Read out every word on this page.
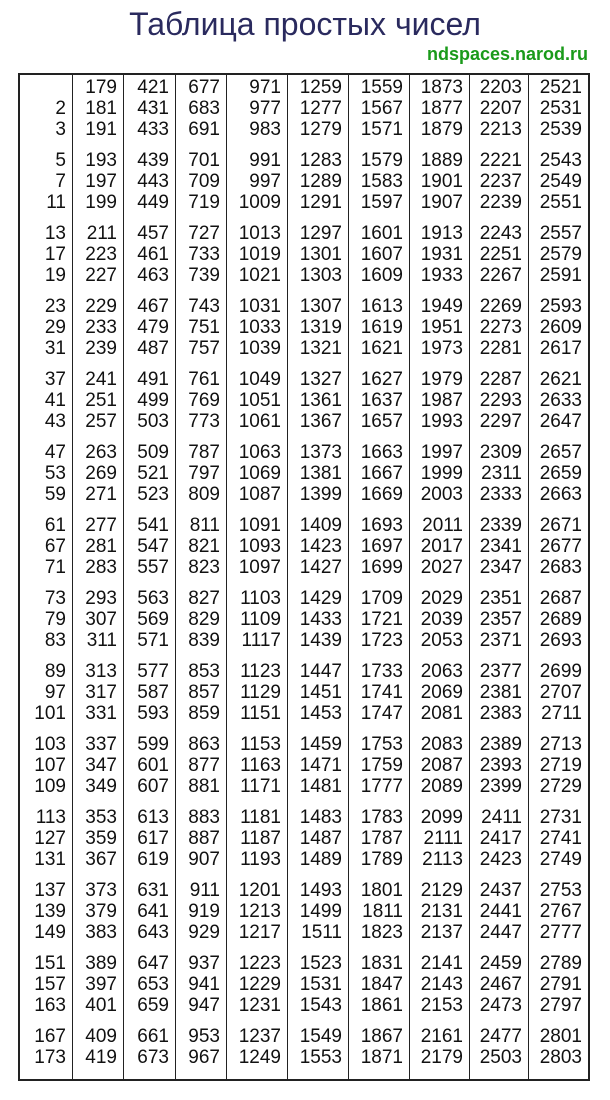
Таблица простых чисел
ndspaces.narod.ru
2
3
5
7
11
13
17
19
23
29
31
37
41
43
47
53
59
61
67
71
73
79
83
89
97
101
103
107
109
113
127
131
137
139
149
151
157
163
167
173
179
181
191
193
197
199
211
223
227
229
233
239
241
251
257
263
269
271
277
281
283
293
307
311
313
317
331
337
347
349
353
359
367
373
379
383
389
397
401
409
419
421
431
433
439
443
449
457
461
463
467
479
487
491
499
503
509
521
523
541
547
557
563
569
571
577
587
593
599
601
607
613
617
619
631
641
643
647
653
659
661
673
677
683
691
701
709
719
727
733
739
743
751
757
761
769
773
787
797
809
811
821
823
827
829
839
853
857
859
863
877
881
883
887
907
911
919
929
937
941
947
953
967
971
977
983
991
997
1009
1013
1019
1021
1031
1033
1039
1049
1051
1061
1063
1069
1087
1091
1093
1097
1103
1109
1117
1123
1129
1151
1153
1163
1171
1181
1187
1193
1201
1213
1217
1223
1229
1231
1237
1249
1259
1277
1279
1283
1289
1291
1297
1301
1303
1307
1319
1321
1327
1361
1367
1373
1381
1399
1409
1423
1427
1429
1433
1439
1447
1451
1453
1459
1471
1481
1483
1487
1489
1493
1499
1511
1523
1531
1543
1549
1553
1559
1567
1571
1579
1583
1597
1601
1607
1609
1613
1619
1621
1627
1637
1657
1663
1667
1669
1693
1697
1699
1709
1721
1723
1733
1741
1747
1753
1759
1777
1783
1787
1789
1801
1811
1823
1831
1847
1861
1867
1871
1873
1877
1879
1889
1901
1907
1913
1931
1933
1949
1951
1973
1979
1987
1993
1997
1999
2003
2011
2017
2027
2029
2039
2053
2063
2069
2081
2083
2087
2089
2099
2111
2113
2129
2131
2137
2141
2143
2153
2161
2179
2203
2207
2213
2221
2237
2239
2243
2251
2267
2269
2273
2281
2287
2293
2297
2309
2311
2333
2339
2341
2347
2351
2357
2371
2377
2381
2383
2389
2393
2399
2411
2417
2423
2437
2441
2447
2459
2467
2473
2477
2503
2521
2531
2539
2543
2549
2551
2557
2579
2591
2593
2609
2617
2621
2633
2647
2657
2659
2663
2671
2677
2683
2687
2689
2693
2699
2707
2711
2713
2719
2729
2731
2741
2749
2753
2767
2777
2789
2791
2797
2801
2803
